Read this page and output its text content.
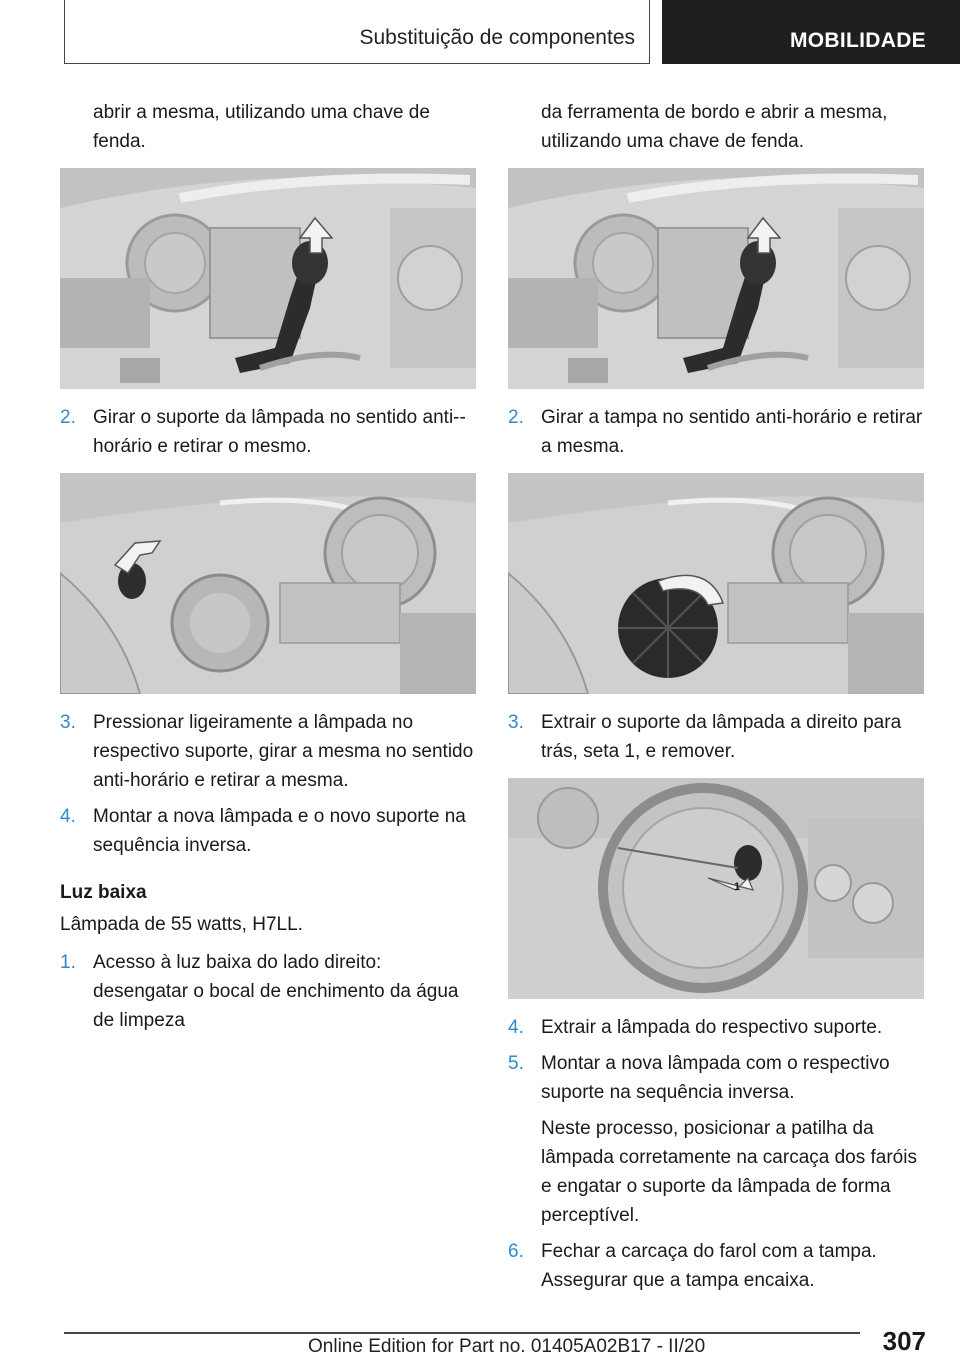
Substituição de componentes	MOBILIDADE

abrir a mesma, utilizando uma chave de fenda.

2. Girar o suporte da lâmpada no sentido anti--horário e retirar o mesmo.
3. Pressionar ligeiramente a lâmpada no respectivo suporte, girar a mesma no sentido anti-horário e retirar a mesma.
4. Montar a nova lâmpada e o novo suporte na sequência inversa.

Luz baixa

Lâmpada de 55 watts, H7LL.

1. Acesso à luz baixa do lado direito: desengatar o bocal de enchimento da água de limpeza

da ferramenta de bordo e abrir a mesma, utilizando uma chave de fenda.

2. Girar a tampa no sentido anti-horário e retirar a mesma.
3. Extrair o suporte da lâmpada a direito para trás, seta 1, e remover.
1
4. Extrair a lâmpada do respectivo suporte.
5. Montar a nova lâmpada com o respectivo suporte na sequência inversa.

Neste processo, posicionar a patilha da lâmpada corretamente na carcaça dos faróis e engatar o suporte da lâmpada de forma perceptível.

6. Fechar a carcaça do farol com a tampa. Assegurar que a tampa encaixa.
307
Online Edition for Part no. 01405A02B17 - II/20
